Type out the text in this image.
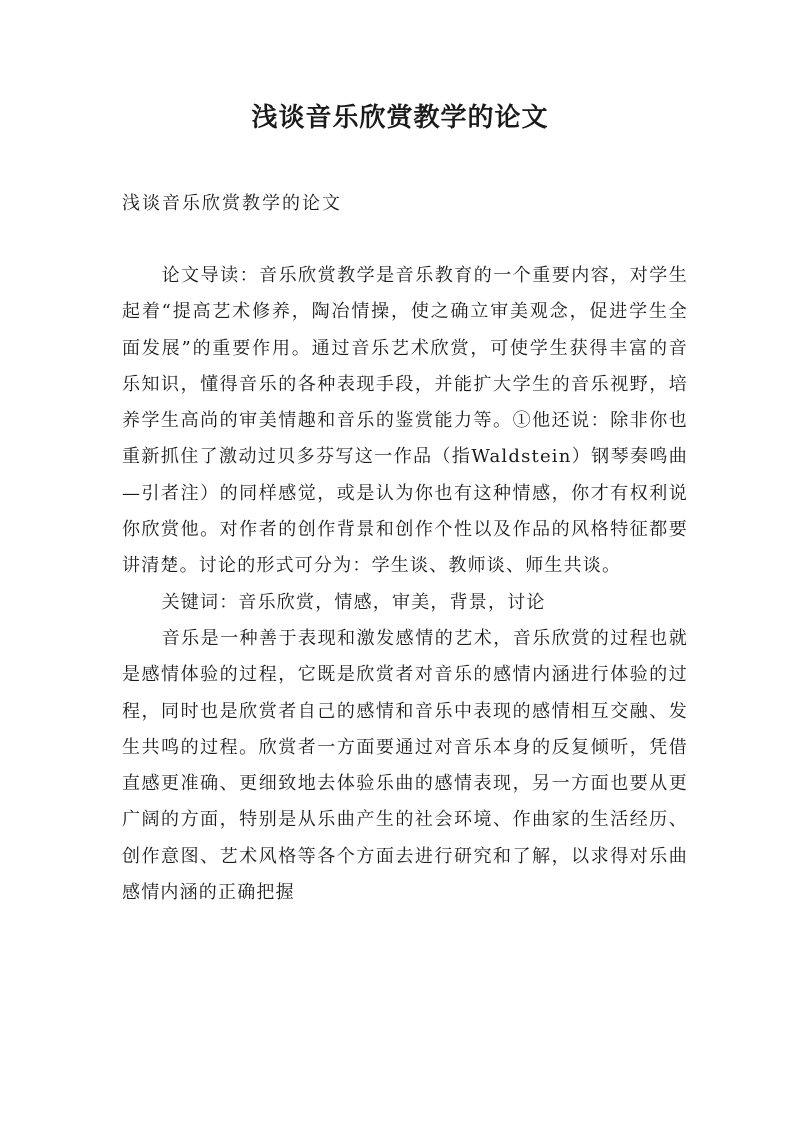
浅谈音乐欣赏教学的论文
浅谈音乐欣赏教学的论文

论文导读：音乐欣赏教学是音乐教育的一个重要内容，对学生起着“提高艺术修养，陶冶情操，使之确立审美观念，促进学生全面发展”的重要作用。通过音乐艺术欣赏，可使学生获得丰富的音乐知识，懂得音乐的各种表现手段，并能扩大学生的音乐视野，培养学生高尚的审美情趣和音乐的鉴赏能力等。①他还说：除非你也重新抓住了激动过贝多芬写这一作品（指Waldstein）钢琴奏鸣曲—引者注）的同样感觉，或是认为你也有这种情感，你才有权利说你欣赏他。对作者的创作背景和创作个性以及作品的风格特征都要讲清楚。讨论的形式可分为：学生谈、教师谈、师生共谈。

关键词：音乐欣赏，情感，审美，背景，讨论

音乐是一种善于表现和激发感情的艺术，音乐欣赏的过程也就是感情体验的过程，它既是欣赏者对音乐的感情内涵进行体验的过程，同时也是欣赏者自己的感情和音乐中表现的感情相互交融、发生共鸣的过程。欣赏者一方面要通过对音乐本身的反复倾听，凭借直感更准确、更细致地去体验乐曲的感情表现，另一方面也要从更广阔的方面，特别是从乐曲产生的社会环境、作曲家的生活经历、创作意图、艺术风格等各个方面去进行研究和了解，以求得对乐曲感情内涵的正确把握
